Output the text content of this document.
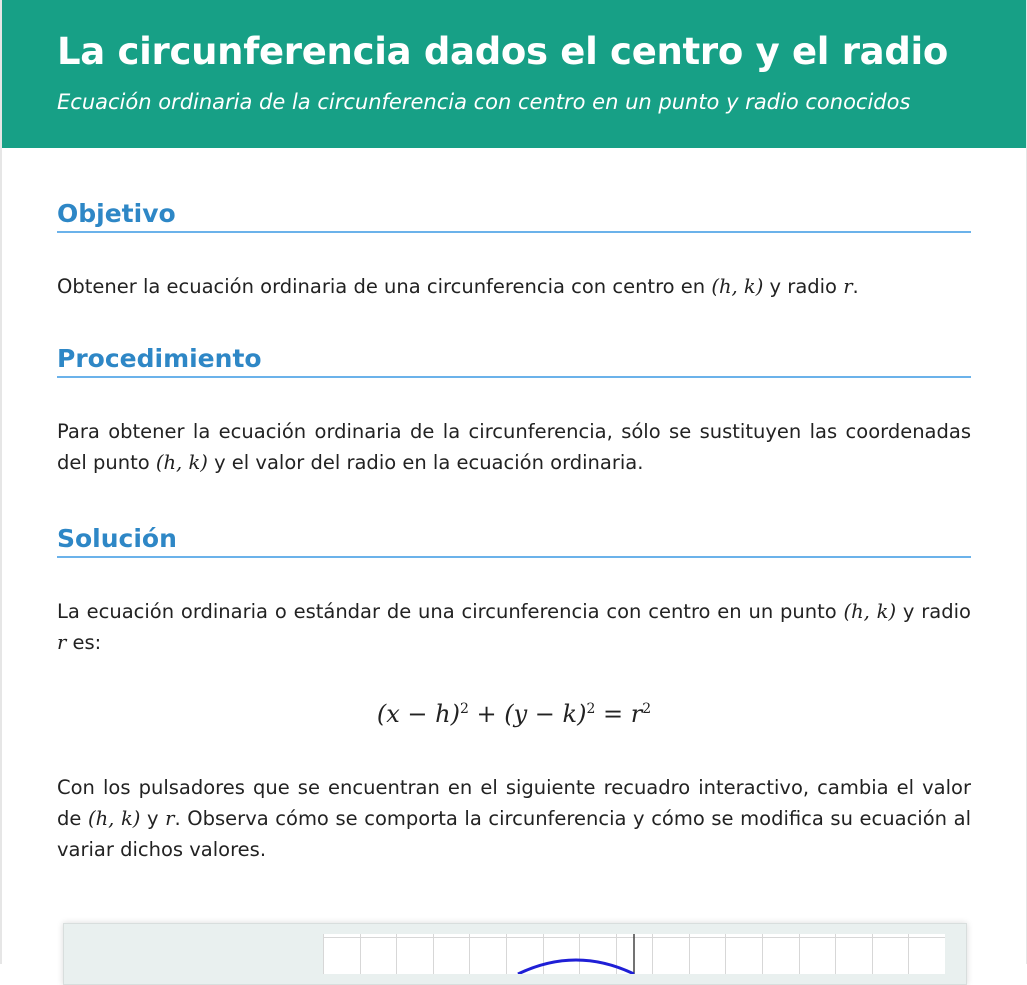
La circunferencia dados el centro y el radio
Ecuación ordinaria de la circunferencia con centro en un punto y radio conocidos
Objetivo

Obtener la ecuación ordinaria de una circunferencia con centro en (h, k) y radio r.

Procedimiento

Para obtener la ecuación ordinaria de la circunferencia, sólo se sustituyen las coordenadas del punto (h, k) y el valor del radio en la ecuación ordinaria.

Solución

La ecuación ordinaria o estándar de una circunferencia con centro en un punto (h, k) y radio r es:

$(x - h)^2 + (y - k)^2 = r^2$

Con los pulsadores que se encuentran en el siguiente recuadro interactivo, cambia el valor de (h, k) y r. Observa cómo se comporta la circunferencia y cómo se modifica su ecuación al variar dichos valores.
